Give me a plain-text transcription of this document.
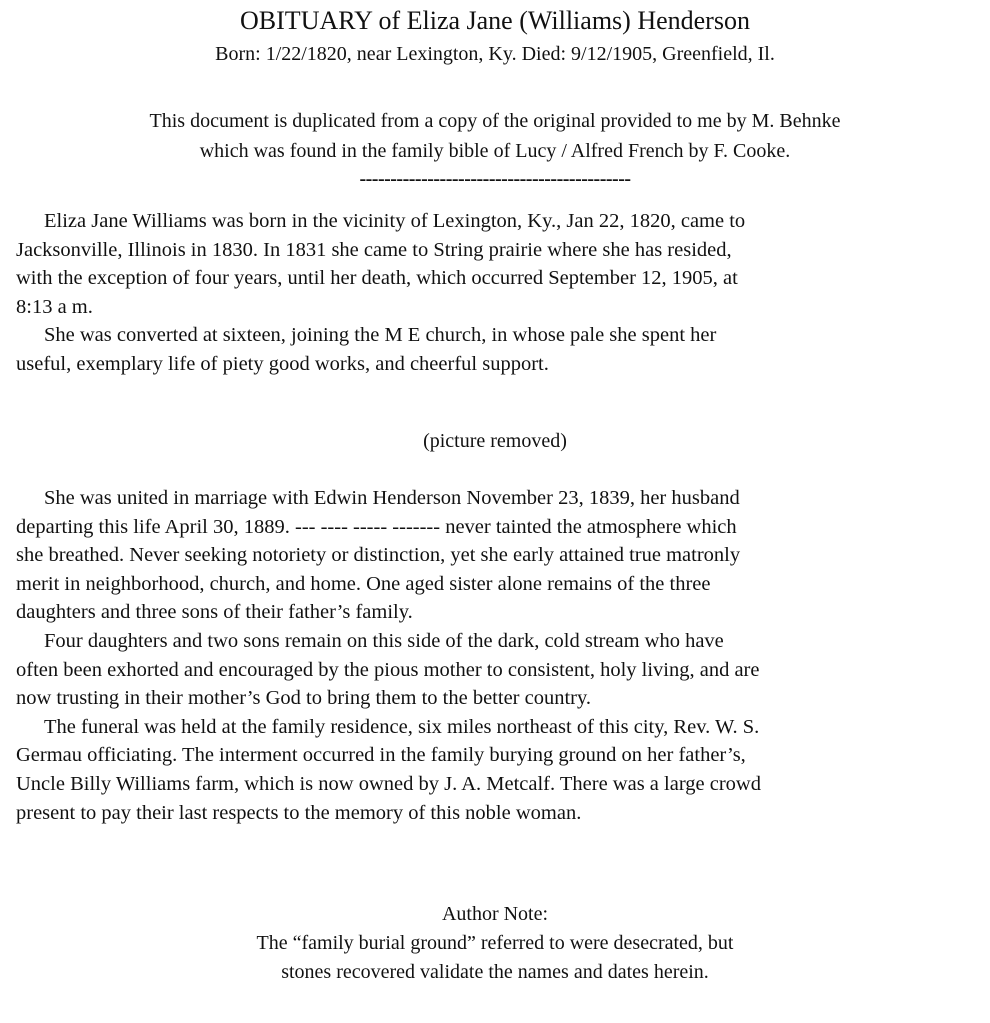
OBITUARY of Eliza Jane (Williams) Henderson
Born: 1/22/1820, near Lexington, Ky. Died: 9/12/1905, Greenfield, Il.
This document is duplicated from a copy of the original provided to me by M. Behnke
which was found in the family bible of Lucy / Alfred French by F. Cooke.
--------------------------------------------
Eliza Jane Williams was born in the vicinity of Lexington, Ky., Jan 22, 1820, came to
Jacksonville, Illinois in 1830. In 1831 she came to String prairie where she has resided,
with the exception of four years, until her death, which occurred September 12, 1905, at
8:13 a m.
She was converted at sixteen, joining the M E church, in whose pale she spent her
useful, exemplary life of piety good works, and cheerful support.
(picture removed)
She was united in marriage with Edwin Henderson November 23, 1839, her husband
departing this life April 30, 1889. --- ---- ----- ------- never tainted the atmosphere which
she breathed. Never seeking notoriety or distinction, yet she early attained true matronly
merit in neighborhood, church, and home. One aged sister alone remains of the three
daughters and three sons of their father’s family.
Four daughters and two sons remain on this side of the dark, cold stream who have
often been exhorted and encouraged by the pious mother to consistent, holy living, and are
now trusting in their mother’s God to bring them to the better country.
The funeral was held at the family residence, six miles northeast of this city, Rev. W. S.
Germau officiating. The interment occurred in the family burying ground on her father’s,
Uncle Billy Williams farm, which is now owned by J. A. Metcalf. There was a large crowd
present to pay their last respects to the memory of this noble woman.
Author Note:
The “family burial ground” referred to were desecrated, but
stones recovered validate the names and dates herein.
